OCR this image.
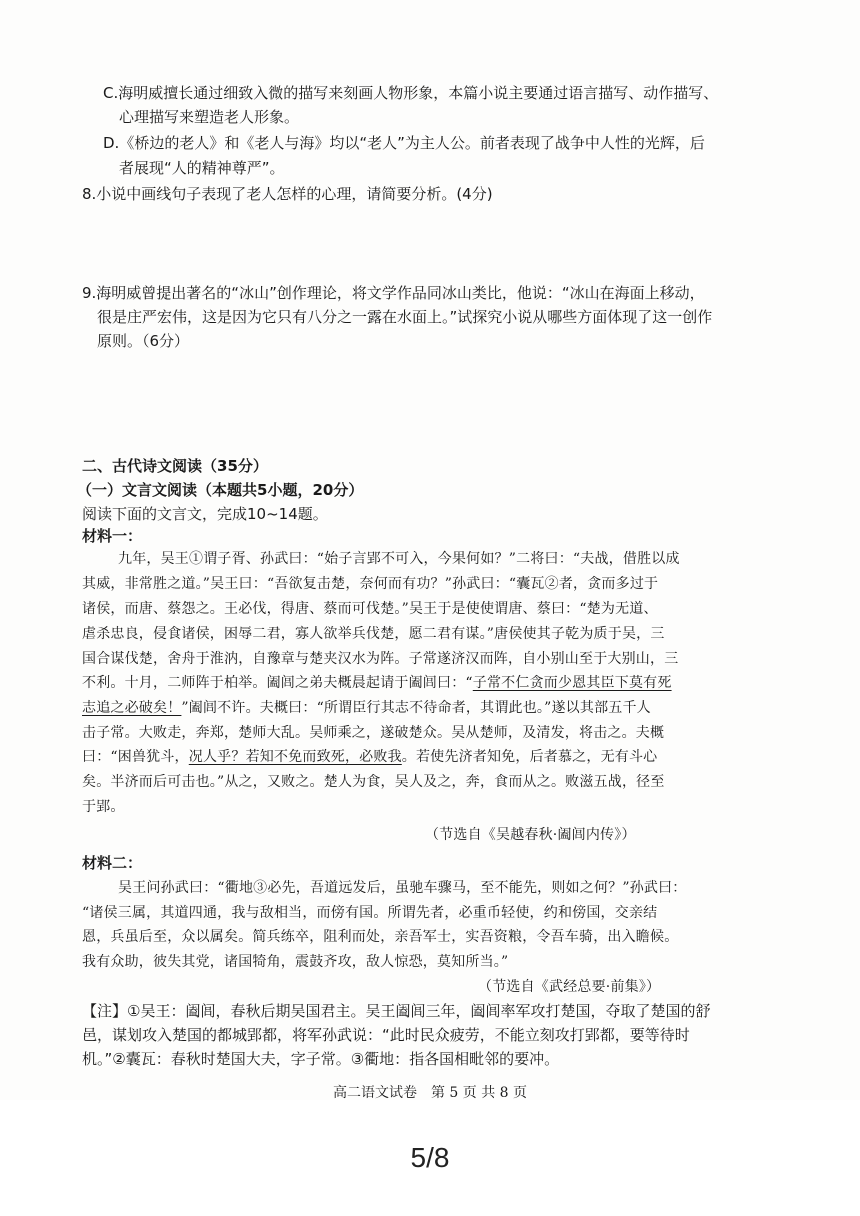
C.海明威擅长通过细致入微的描写来刻画人物形象，本篇小说主要通过语言描写、动作描写、
心理描写来塑造老人形象。
D.《桥边的老人》和《老人与海》均以“老人”为主人公。前者表现了战争中人性的光辉，后
者展现“人的精神尊严”。
8.小说中画线句子表现了老人怎样的心理，请简要分析。(4分)
9.海明威曾提出著名的“冰山”创作理论，将文学作品同冰山类比，他说：“冰山在海面上移动，
很是庄严宏伟，这是因为它只有八分之一露在水面上。”试探究小说从哪些方面体现了这一创作
原则。（6分）
二、古代诗文阅读（35分）
（一）文言文阅读（本题共5小题，20分）
阅读下面的文言文，完成10~14题。
材料一：
九年，吴王①谓子胥、孙武曰：“始子言郢不可入，今果何如？”二将曰：“夫战，借胜以成
其威，非常胜之道。”吴王曰：“吾欲复击楚，奈何而有功？”孙武曰：“囊瓦②者，贪而多过于
诸侯，而唐、蔡怨之。王必伐，得唐、蔡而可伐楚。”吴王于是使使谓唐、蔡曰：“楚为无道、
虐杀忠良，侵食诸侯，困辱二君，寡人欲举兵伐楚，愿二君有谋。”唐侯使其子乾为质于吴，三
国合谋伐楚，舍舟于淮汭，自豫章与楚夹汉水为阵。子常遂济汉而阵，自小别山至于大别山，三
不利。十月，二师阵于柏举。阖闾之弟夫概晨起请于阖闾曰：“子常不仁贪而少恩其臣下莫有死
志追之必破矣！”阖闾不许。夫概曰：“所谓臣行其志不待命者，其谓此也。”遂以其部五千人
击子常。大败走，奔郑，楚师大乱。吴师乘之，遂破楚众。吴从楚师，及清发，将击之。夫概
曰：“困兽犹斗，况人乎？若知不免而致死，必败我。若使先济者知免，后者慕之，无有斗心
矣。半济而后可击也。”从之，又败之。楚人为食，吴人及之，奔，食而从之。败滋五战，径至
于郢。
（节选自《吴越春秋·阖闾内传》）
材料二：
吴王问孙武曰：“衢地③必先，吾道远发后，虽驰车骤马，至不能先，则如之何？”孙武曰：
“诸侯三属，其道四通，我与敌相当，而傍有国。所谓先者，必重币轻使，约和傍国，交亲结
恩，兵虽后至，众以属矣。简兵练卒，阻利而处，亲吾军士，实吾资粮，令吾车骑，出入瞻候。
我有众助，彼失其党，诸国犄角，震鼓齐攻，敌人惊恐，莫知所当。”
（节选自《武经总要·前集》）
【注】①吴王：阖闾，春秋后期吴国君主。吴王阖闾三年，阖闾率军攻打楚国，夺取了楚国的舒
邑，谋划攻入楚国的都城郢都，将军孙武说：“此时民众疲劳，不能立刻攻打郢都，要等待时
机。”②囊瓦：春秋时楚国大夫，字子常。③衢地：指各国相毗邻的要冲。
高二语文试卷　第 5 页 共 8 页
5/8
